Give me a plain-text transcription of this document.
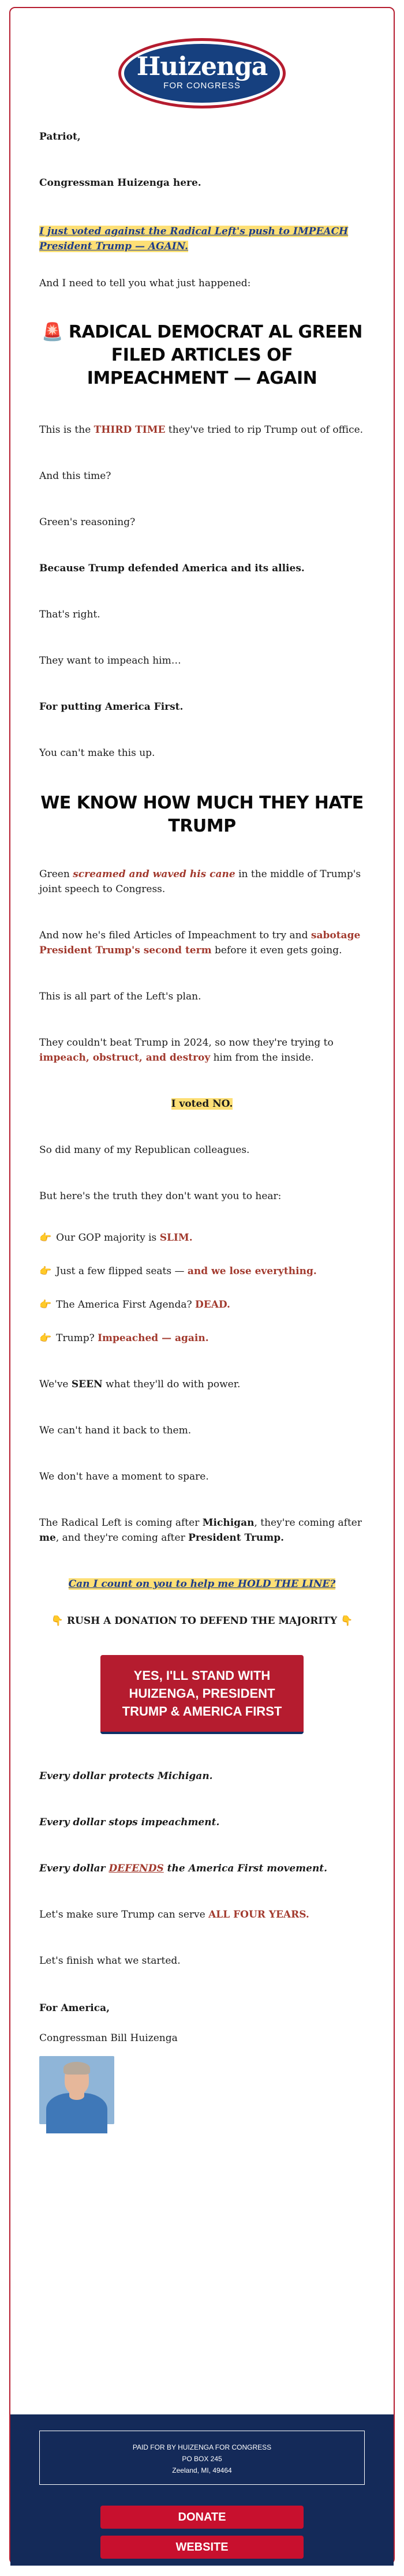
Huizenga
FOR CONGRESS

Patriot,

Congressman Huizenga here.

I just voted against the Radical Left's push to IMPEACH President Trump — AGAIN.

And I need to tell you what just happened:

🚨 RADICAL DEMOCRAT AL GREEN FILED ARTICLES OF IMPEACHMENT — AGAIN

This is the THIRD TIME they've tried to rip Trump out of office.

And this time?

Green's reasoning?

Because Trump defended America and its allies.

That's right.

They want to impeach him…

For putting America First.

You can't make this up.

WE KNOW HOW MUCH THEY HATE TRUMP

Green screamed and waved his cane in the middle of Trump's joint speech to Congress.

And now he's filed Articles of Impeachment to try and sabotage President Trump's second term before it even gets going.

This is all part of the Left's plan.

They couldn't beat Trump in 2024, so now they're trying to impeach, obstruct, and destroy him from the inside.

I voted NO.

So did many of my Republican colleagues.

But here's the truth they don't want you to hear:

👉 Our GOP majority is SLIM.

👉 Just a few flipped seats — and we lose everything.

👉 The America First Agenda? DEAD.

👉 Trump? Impeached — again.

We've SEEN what they'll do with power.

We can't hand it back to them.

We don't have a moment to spare.

The Radical Left is coming after Michigan, they're coming after me, and they're coming after President Trump.

Can I count on you to help me HOLD THE LINE?

👇 RUSH A DONATION TO DEFEND THE MAJORITY 👇

YES, I'LL STAND WITH HUIZENGA, PRESIDENT TRUMP & AMERICA FIRST

Every dollar protects Michigan.

Every dollar stops impeachment.

Every dollar DEFENDS the America First movement.

Let's make sure Trump can serve ALL FOUR YEARS.

Let's finish what we started.

For America,

Congressman Bill Huizenga

PAID FOR BY HUIZENGA FOR CONGRESS
PO BOX 245
Zeeland, MI, 49464
DONATE
WEBSITE
Unsubscribe
